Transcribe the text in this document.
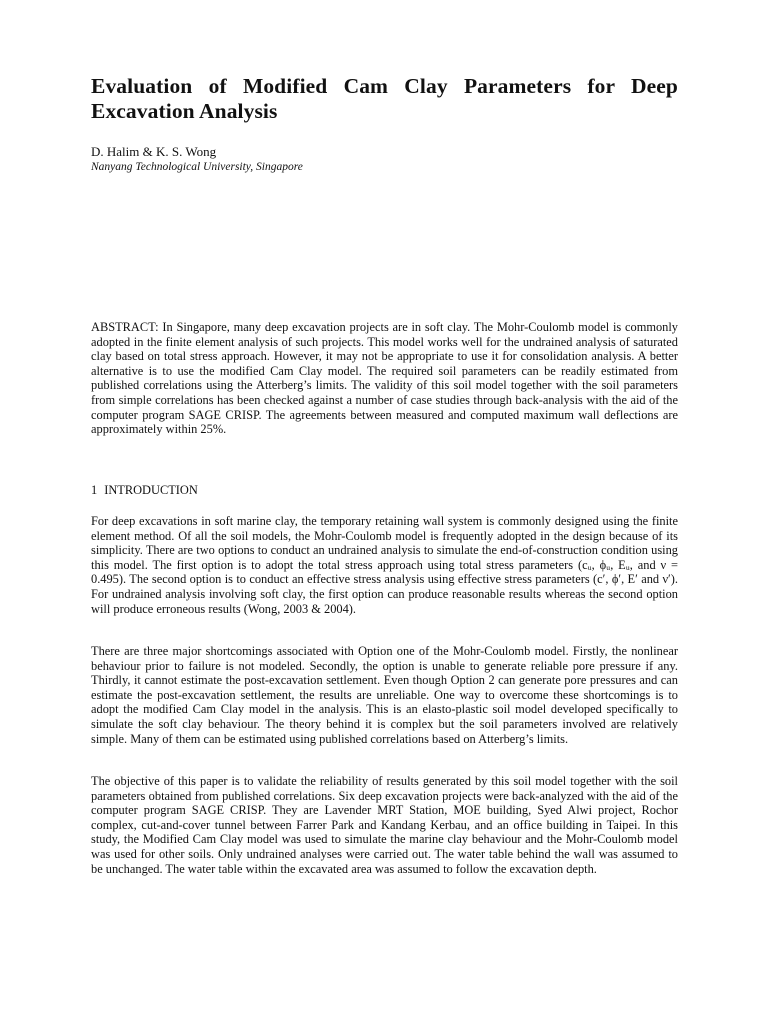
Evaluation of Modified Cam Clay Parameters for Deep Excavation Analysis

D. Halim & K. S. Wong

Nanyang Technological University, Singapore

ABSTRACT: In Singapore, many deep excavation projects are in soft clay. The Mohr-Coulomb model is commonly adopted in the finite element analysis of such projects. This model works well for the undrained analysis of saturated clay based on total stress approach. However, it may not be appropriate to use it for consolidation analysis. A better alternative is to use the modified Cam Clay model. The required soil parameters can be readily estimated from published correlations using the Atterberg’s limits. The validity of this soil model together with the soil parameters from simple correlations has been checked against a number of case studies through back-analysis with the aid of the computer program SAGE CRISP. The agreements between measured and computed maximum wall deflections are approximately within 25%.

1 INTRODUCTION

For deep excavations in soft marine clay, the temporary retaining wall system is commonly designed using the finite element method. Of all the soil models, the Mohr-Coulomb model is frequently adopted in the design because of its simplicity. There are two options to conduct an undrained analysis to simulate the end-of-construction condition using this model. The first option is to adopt the total stress approach using total stress parameters (cᵤ, ϕᵤ, Eᵤ, and ν = 0.495). The second option is to conduct an effective stress analysis using effective stress parameters (c′, ϕ′, E′ and ν′). For undrained analysis involving soft clay, the first option can produce reasonable results whereas the second option will produce erroneous results (Wong, 2003 & 2004).

There are three major shortcomings associated with Option one of the Mohr-Coulomb model. Firstly, the nonlinear behaviour prior to failure is not modeled. Secondly, the option is unable to generate reliable pore pressure if any. Thirdly, it cannot estimate the post-excavation settlement. Even though Option 2 can generate pore pressures and can estimate the post-excavation settlement, the results are unreliable. One way to overcome these shortcomings is to adopt the modified Cam Clay model in the analysis. This is an elasto-plastic soil model developed specifically to simulate the soft clay behaviour. The theory behind it is complex but the soil parameters involved are relatively simple. Many of them can be estimated using published correlations based on Atterberg’s limits.

The objective of this paper is to validate the reliability of results generated by this soil model together with the soil parameters obtained from published correlations. Six deep excavation projects were back-analyzed with the aid of the computer program SAGE CRISP. They are Lavender MRT Station, MOE building, Syed Alwi project, Rochor complex, cut-and-cover tunnel between Farrer Park and Kandang Kerbau, and an office building in Taipei. In this study, the Modified Cam Clay model was used to simulate the marine clay behaviour and the Mohr-Coulomb model was used for other soils. Only undrained analyses were carried out. The water table behind the wall was assumed to be unchanged. The water table within the excavated area was assumed to follow the excavation depth.
